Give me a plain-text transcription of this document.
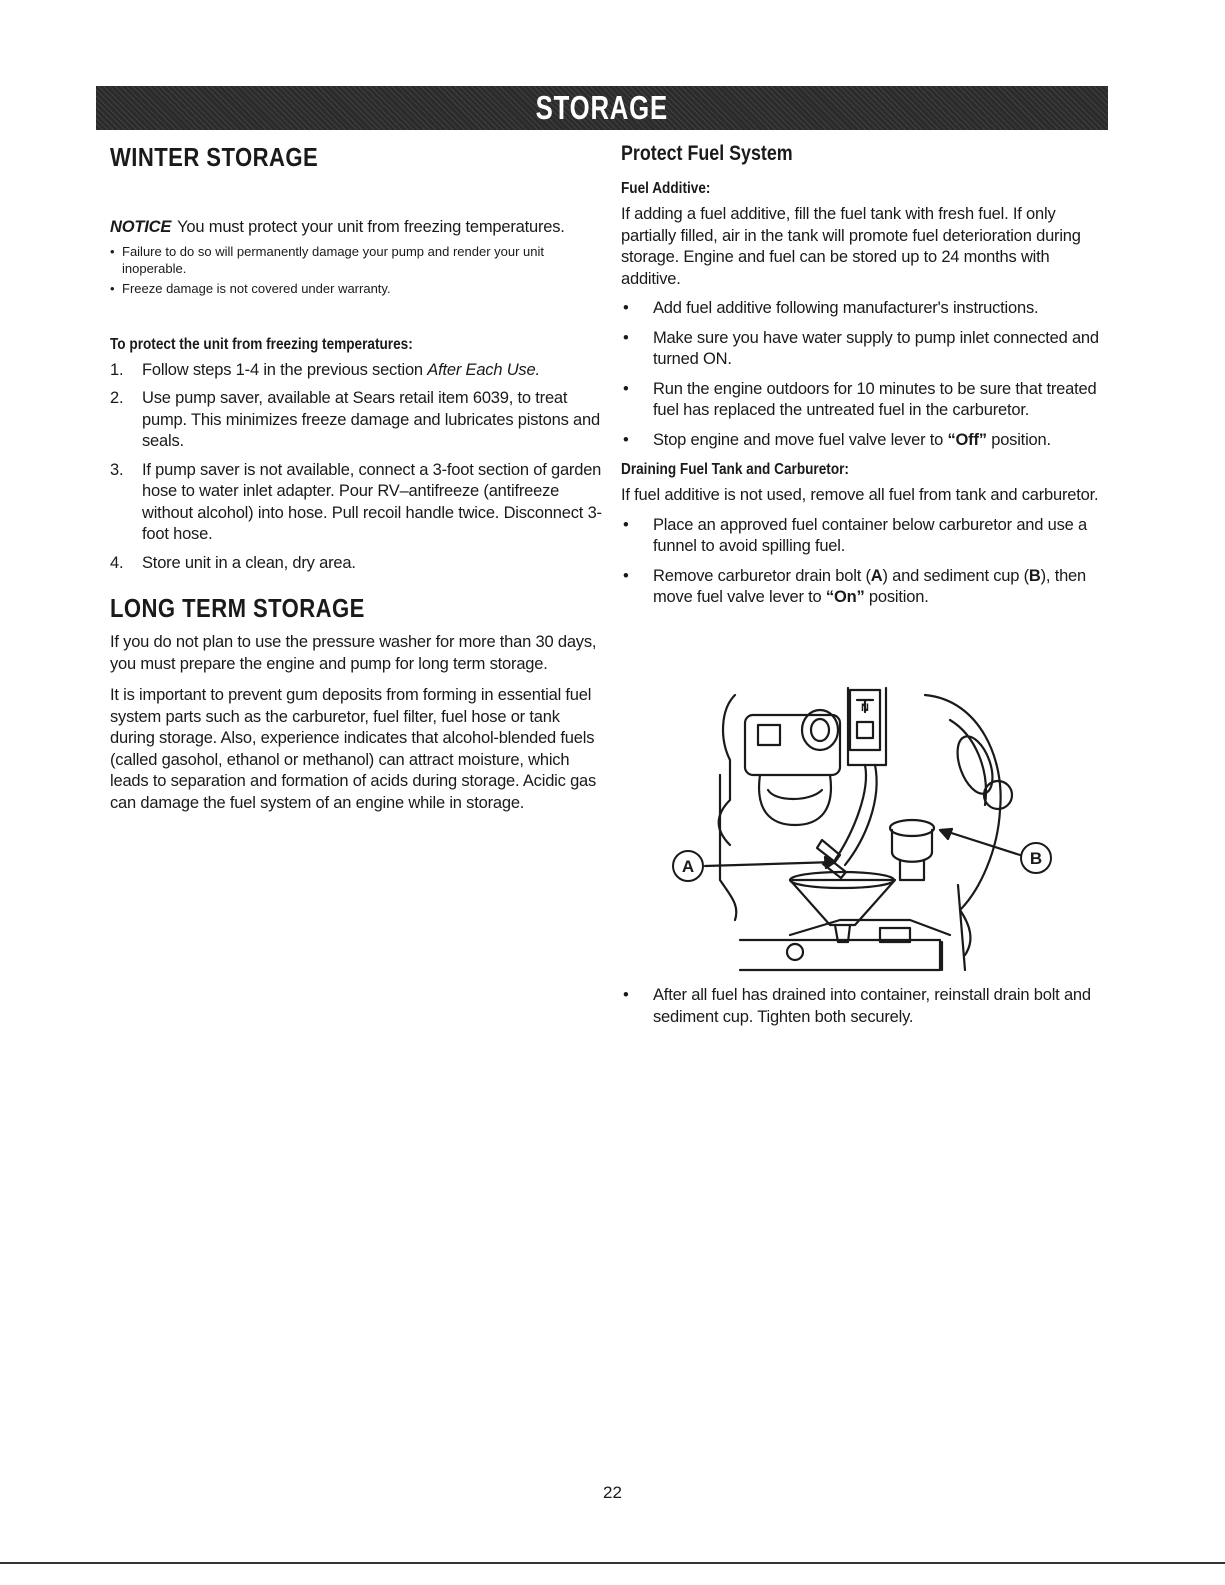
STORAGE
WINTER STORAGE

NOTICE You must protect your unit from freezing temperatures.

• Failure to do so will permanently damage your pump and render your unit inoperable.
• Freeze damage is not covered under warranty.
To protect the unit from freezing temperatures:
1.	Follow steps 1-4 in the previous section After Each Use.
2.	Use pump saver, available at Sears retail item 6039, to treat pump. This minimizes freeze damage and lubricates pistons and seals.
3.	If pump saver is not available, connect a 3-foot section of garden hose to water inlet adapter. Pour RV–antifreeze (antifreeze without alcohol) into hose. Pull recoil handle twice. Disconnect 3-foot hose.
4.	Store unit in a clean, dry area.
LONG TERM STORAGE

If you do not plan to use the pressure washer for more than 30 days, you must prepare the engine and pump for long term storage.

It is important to prevent gum deposits from forming in essential fuel system parts such as the carburetor, fuel filter, fuel hose or tank during storage. Also, experience indicates that alcohol-blended fuels (called gasohol, ethanol or methanol) can attract moisture, which leads to separation and formation of acids during storage. Acidic gas can damage the fuel system of an engine while in storage.

Protect Fuel System
Fuel Additive:

If adding a fuel additive, fill the fuel tank with fresh fuel. If only partially filled, air in the tank will promote fuel deterioration during storage. Engine and fuel can be stored up to 24 months with additive.

•	Add fuel additive following manufacturer's instructions.
•	Make sure you have water supply to pump inlet connected and turned ON.
•	Run the engine outdoors for 10 minutes to be sure that treated fuel has replaced the untreated fuel in the carburetor.
•	Stop engine and move fuel valve lever to “Off” position.
Draining Fuel Tank and Carburetor:

If fuel additive is not used, remove all fuel from tank and carburetor.

•	Place an approved fuel container below carburetor and use a funnel to avoid spilling fuel.
•	Remove carburetor drain bolt (A) and sediment cup (B), then move fuel valve lever to “On” position.
A	B
N
•	After all fuel has drained into container, reinstall drain bolt and sediment cup. Tighten both securely.
22
